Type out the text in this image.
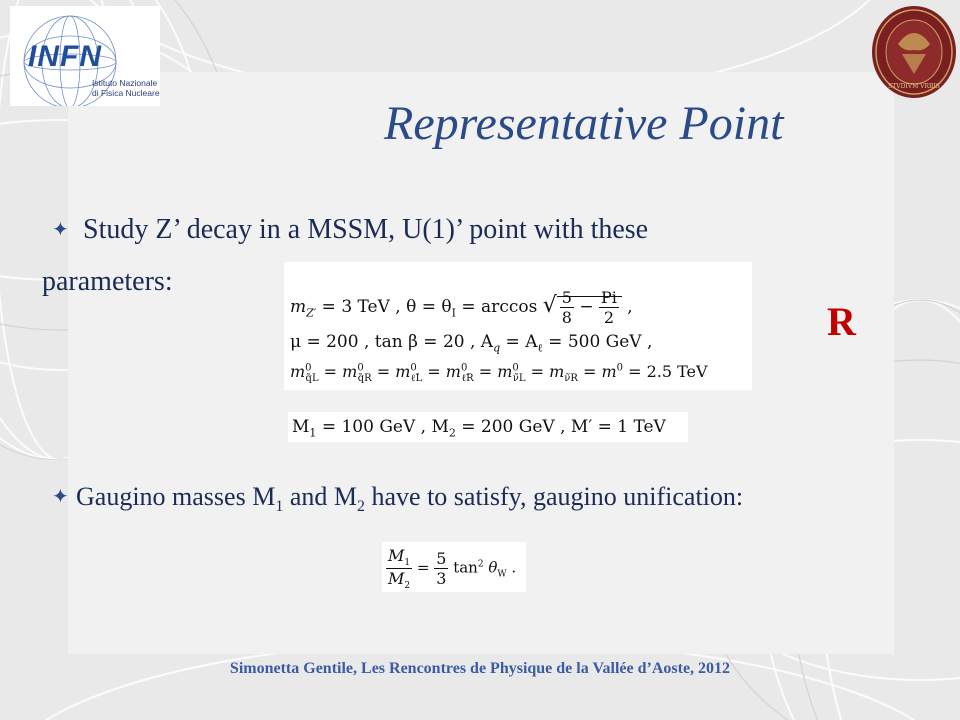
INFN
Istituto Nazionale
di Fisica Nucleare
STVDIVM VRBIS
Representative Point
✦ Study Z’ decay in a MSSM, U(1)’ point with these
parameters:
$m_{Z'} = 3$ TeV , $\theta = \theta_I = \arccos$ √ $\frac{5}{8} - \frac{Pi}{2}$ ,
μ = 200 , tan β = 20 , $A_q = A_\ell = 500$ GeV ,
$m^0_{q̃L} = m^0_{q̃R} = m^0_{\ell̃L} = m^0_{\ell̃R} = m^0_{\nũL} = m_{\nũR} = m^0 = 2.5$ TeV
R
$M_1 = 100$ GeV , $M_2 = 200$ GeV , M′ = 1 TeV
✦ Gaugino masses $M_1$ and $M_2$ have to satisfy, gaugino unification:
$\frac{M_1}{M_2} = \frac{5}{3} \tan^2 \theta_W$ .
Simonetta Gentile, Les Rencontres de Physique de la Vallée d’Aoste, 2012
